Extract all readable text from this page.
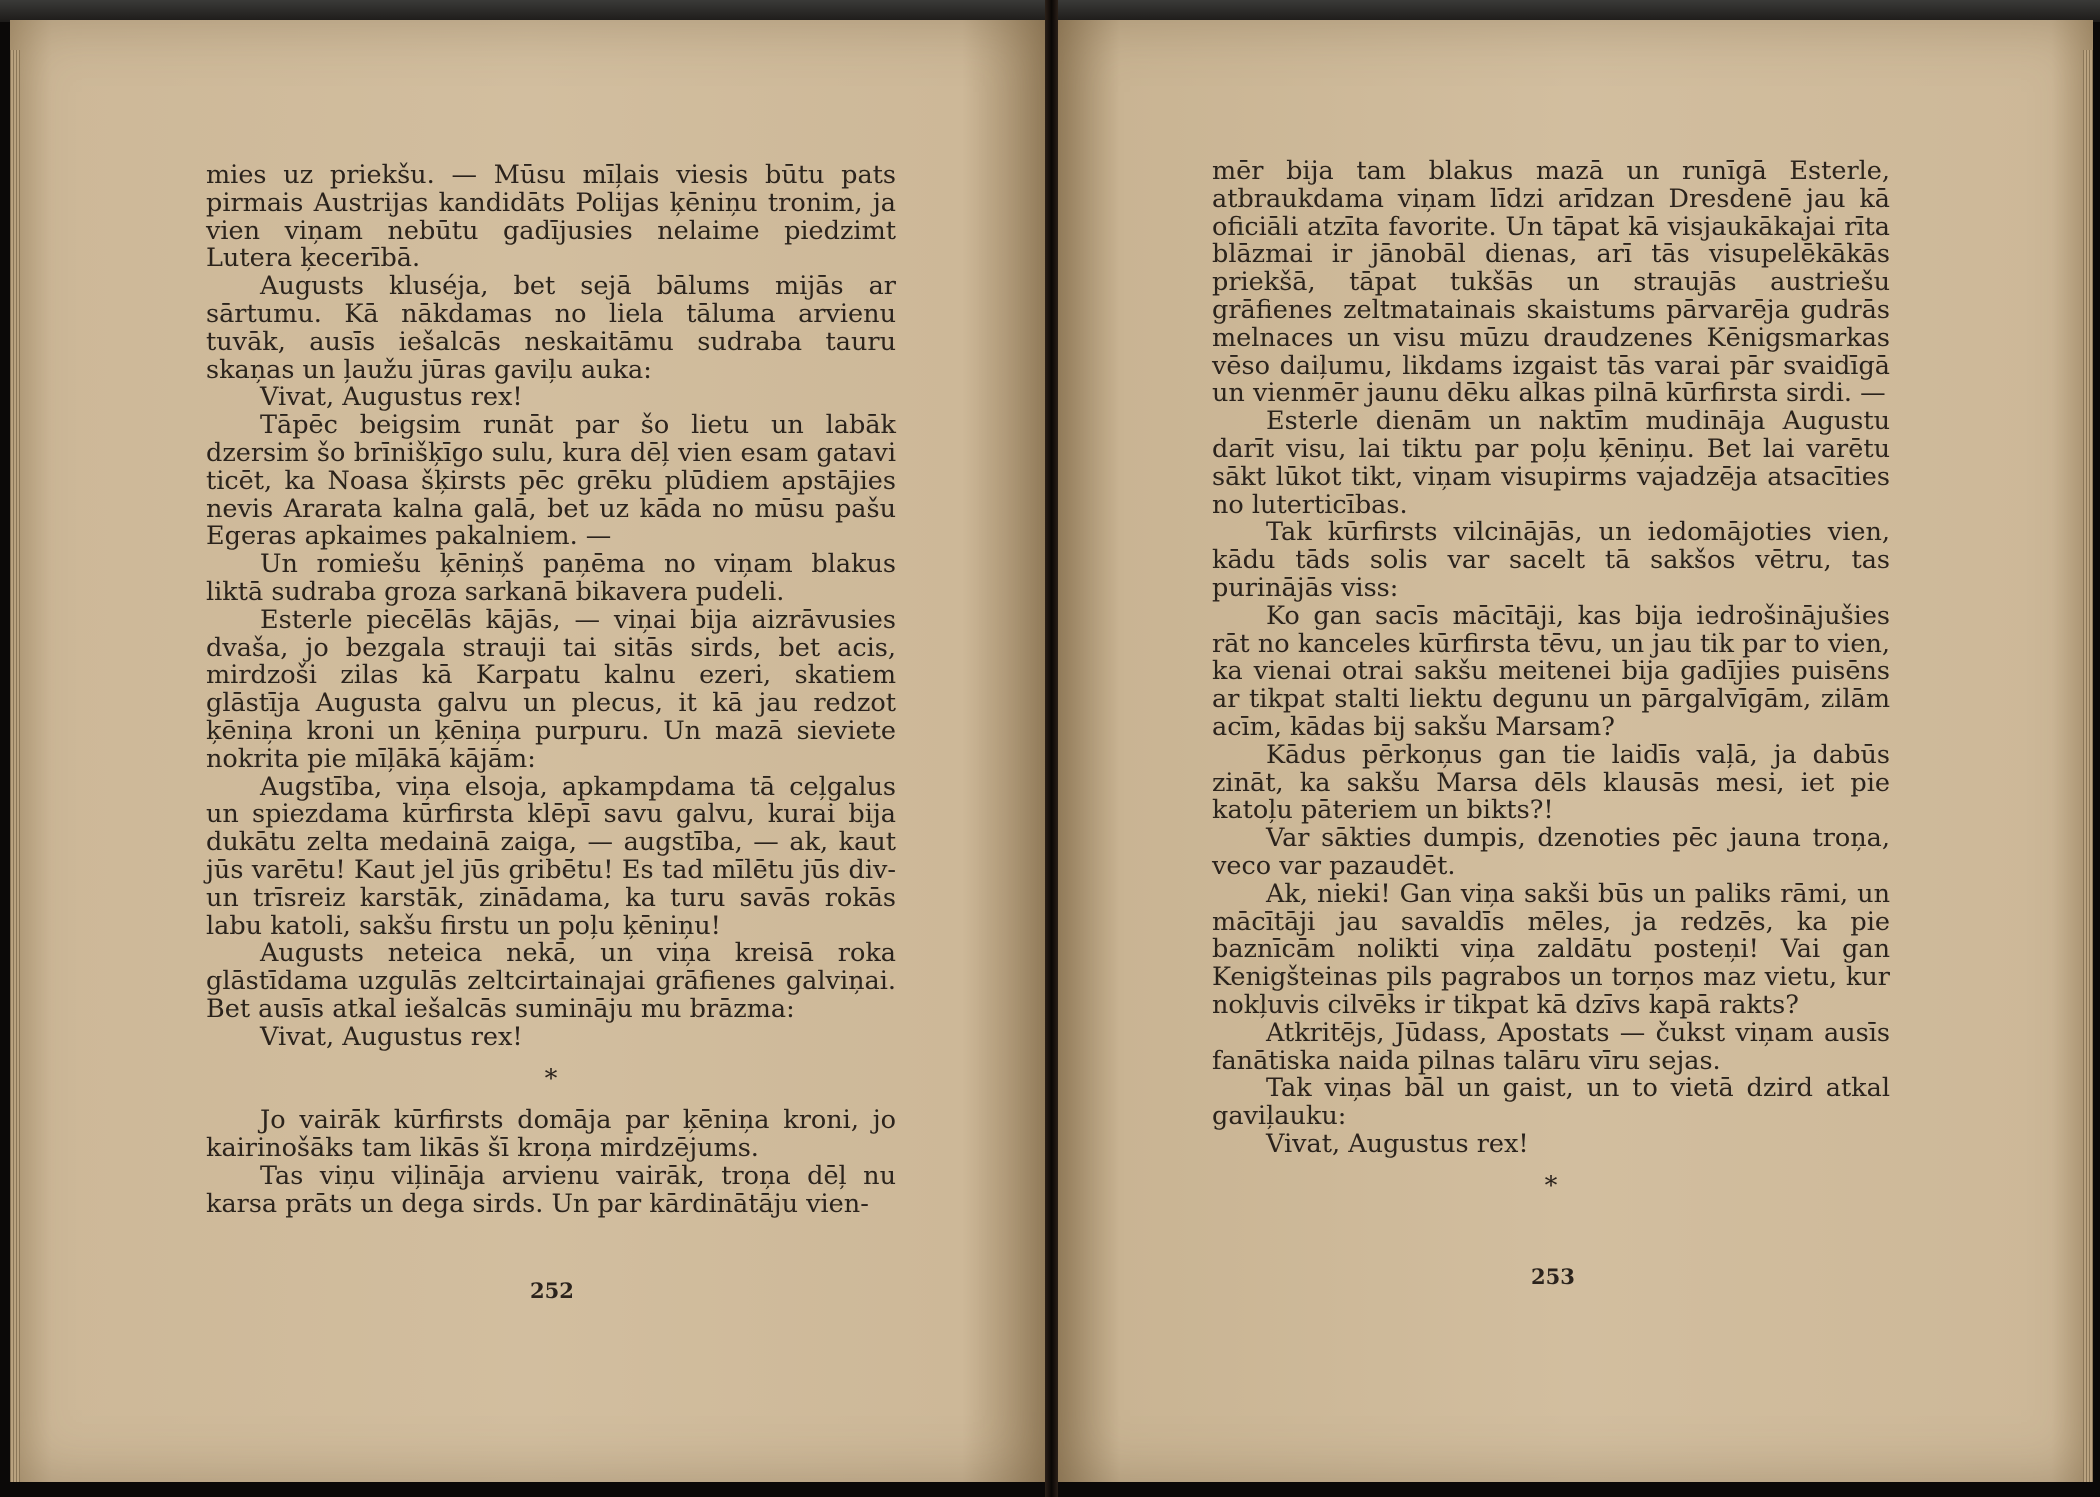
mies uz priekšu. — Mūsu mīļais viesis būtu pats pirmais Austrijas kandidāts Polijas ķēniņu tronim, ja vien viņam nebūtu gadījusies nelaime piedzimt Lutera ķecerībā.

Augusts kluséja, bet sejā bālums mijās ar sārtumu. Kā nākdamas no liela tāluma arvienu tuvāk, ausīs iešalcās neskaitāmu sudraba tauru skaņas un ļaužu jūras gaviļu auka:

Vivat, Augustus rex!

Tāpēc beigsim runāt par šo lietu un labāk dzersim šo brīnišķīgo sulu, kura dēļ vien esam gatavi ticēt, ka Noasa šķirsts pēc grēku plūdiem apstājies nevis Ararata kalna galā, bet uz kāda no mūsu pašu Egeras apkaimes pakalniem. —

Un romiešu ķēniņš paņēma no viņam blakus liktā sudraba groza sarkanā bikavera pudeli.

Esterle piecēlās kājās, — viņai bija aizrāvusies dvaša, jo bezgala strauji tai sitās sirds, bet acis, mirdzoši zilas kā Karpatu kalnu ezeri, skatiem glāstīja Augusta galvu un plecus, it kā jau redzot ķēniņa kroni un ķēniņa purpuru. Un mazā sieviete nokrita pie mīļākā kājām:

Augstība, viņa elsoja, apkampdama tā ceļgalus un spiezdama kūrfirsta klēpī savu galvu, kurai bija dukātu zelta medainā zaiga, — augstība, — ak, kaut jūs varētu! Kaut jel jūs gribētu! Es tad mīlētu jūs div- un trīsreiz karstāk, zinādama, ka turu savās rokās labu katoli, sakšu firstu un poļu ķēniņu!

Augusts neteica nekā, un viņa kreisā roka glāstīdama uzgulās zeltcirtainajai grāfienes galviņai. Bet ausīs atkal iešalcās sumināju mu brāzma:

Vivat, Augustus rex!

*

Jo vairāk kūrfirsts domāja par ķēniņa kroni, jo kairinošāks tam likās šī kroņa mirdzējums.

Tas viņu viļināja arvienu vairāk, troņa dēļ nu karsa prāts un dega sirds. Un par kārdinātāju vien-

252

mēr bija tam blakus mazā un runīgā Esterle, atbraukdama viņam līdzi arīdzan Dresdenē jau kā oficiāli atzīta favorite. Un tāpat kā visjaukākajai rīta blāzmai ir jānobāl dienas, arī tās visupelēkākās priekšā, tāpat tukšās un straujās austriešu grāfienes zeltmatainais skaistums pārvarēja gudrās melnaces un visu mūzu draudzenes Kēnigsmarkas vēso daiļumu, likdams izgaist tās varai pār svaidīgā un vienmēr jaunu dēku alkas pilnā kūrfirsta sirdi. —

Esterle dienām un naktīm mudināja Augustu darīt visu, lai tiktu par poļu ķēniņu. Bet lai varētu sākt lūkot tikt, viņam visupirms vajadzēja atsacīties no luterticības.

Tak kūrfirsts vilcinājās, un iedomājoties vien, kādu tāds solis var sacelt tā sakšos vētru, tas purinājās viss:

Ko gan sacīs mācītāji, kas bija iedrošinājušies rāt no kanceles kūrfirsta tēvu, un jau tik par to vien, ka vienai otrai sakšu meitenei bija gadījies puisēns ar tikpat stalti liektu degunu un pārgalvīgām, zilām acīm, kādas bij sakšu Marsam?

Kādus pērkoņus gan tie laidīs vaļā, ja dabūs zināt, ka sakšu Marsa dēls klausās mesi, iet pie katoļu pāteriem un bikts?!

Var sākties dumpis, dzenoties pēc jauna troņa, veco var pazaudēt.

Ak, nieki! Gan viņa sakši būs un paliks rāmi, un mācītāji jau savaldīs mēles, ja redzēs, ka pie baznīcām nolikti viņa zaldātu posteņi! Vai gan Kenigšteinas pils pagrabos un torņos maz vietu, kur nokļuvis cilvēks ir tikpat kā dzīvs kapā rakts?

Atkritējs, Jūdass, Apostats — čukst viņam ausīs fanātiska naida pilnas talāru vīru sejas.

Tak viņas bāl un gaist, un to vietā dzird atkal gaviļauku:

Vivat, Augustus rex!

*

253
